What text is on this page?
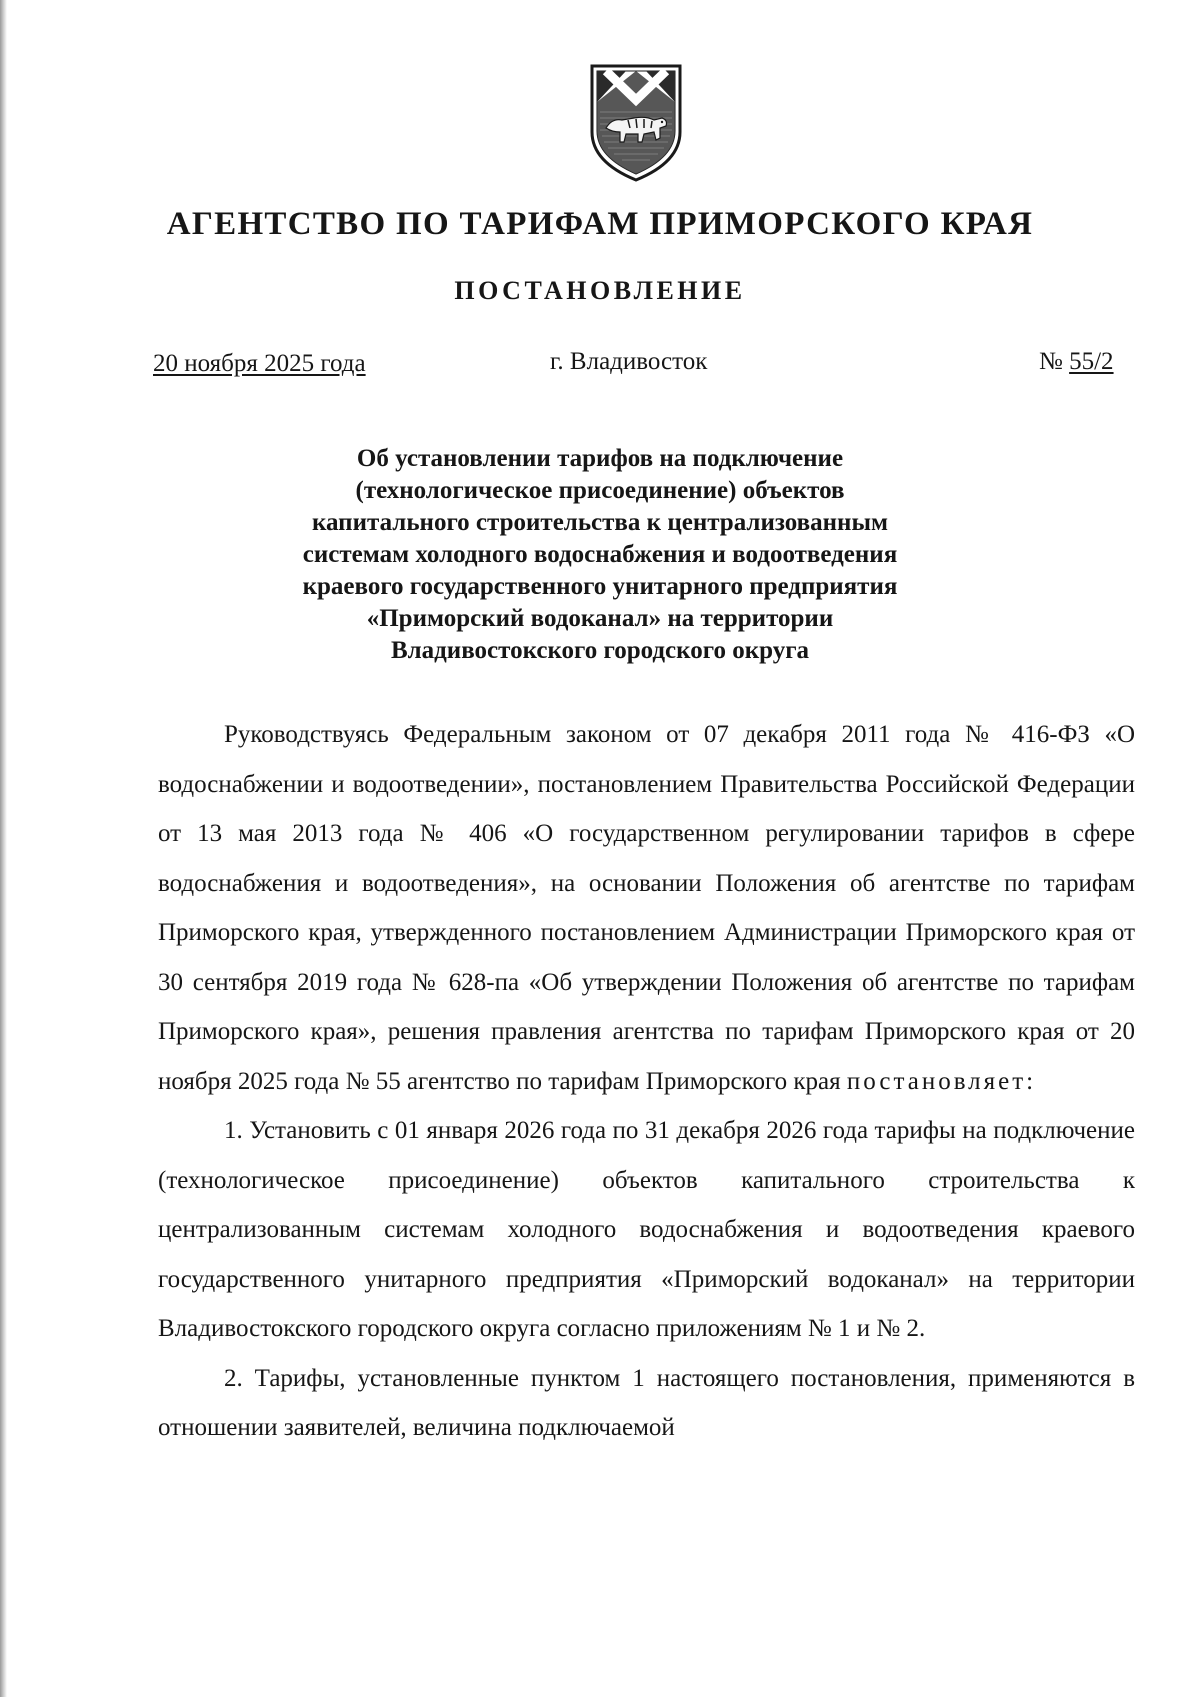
АГЕНТСТВО ПО ТАРИФАМ ПРИМОРСКОГО КРАЯ
ПОСТАНОВЛЕНИЕ
20 ноября 2025 года	г. Владивосток	№ 55/2
Об установлении тарифов на подключение
(технологическое присоединение) объектов
капитального строительства к централизованным
системам холодного водоснабжения и водоотведения
краевого государственного унитарного предприятия
«Приморский водоканал» на территории
Владивостокского городского округа

Руководствуясь Федеральным законом от 07 декабря 2011 года № 416-ФЗ «О водоснабжении и водоотведении», постановлением Правительства Российской Федерации от 13 мая 2013 года № 406 «О государственном регулировании тарифов в сфере водоснабжения и водоотведения», на основании Положения об агентстве по тарифам Приморского края, утвержденного постановлением Администрации Приморского края от 30 сентября 2019 года № 628-па «Об утверждении Положения об агентстве по тарифам Приморского края», решения правления агентства по тарифам Приморского края от 20 ноября 2025 года № 55 агентство по тарифам Приморского края постановляет:

1. Установить с 01 января 2026 года по 31 декабря 2026 года тарифы на подключение (технологическое присоединение) объектов капитального строительства к централизованным системам холодного водоснабжения и водоотведения краевого государственного унитарного предприятия «Приморский водоканал» на территории Владивостокского городского округа согласно приложениям № 1 и № 2.

2. Тарифы, установленные пунктом 1 настоящего постановления, применяются в отношении заявителей, величина подключаемой
